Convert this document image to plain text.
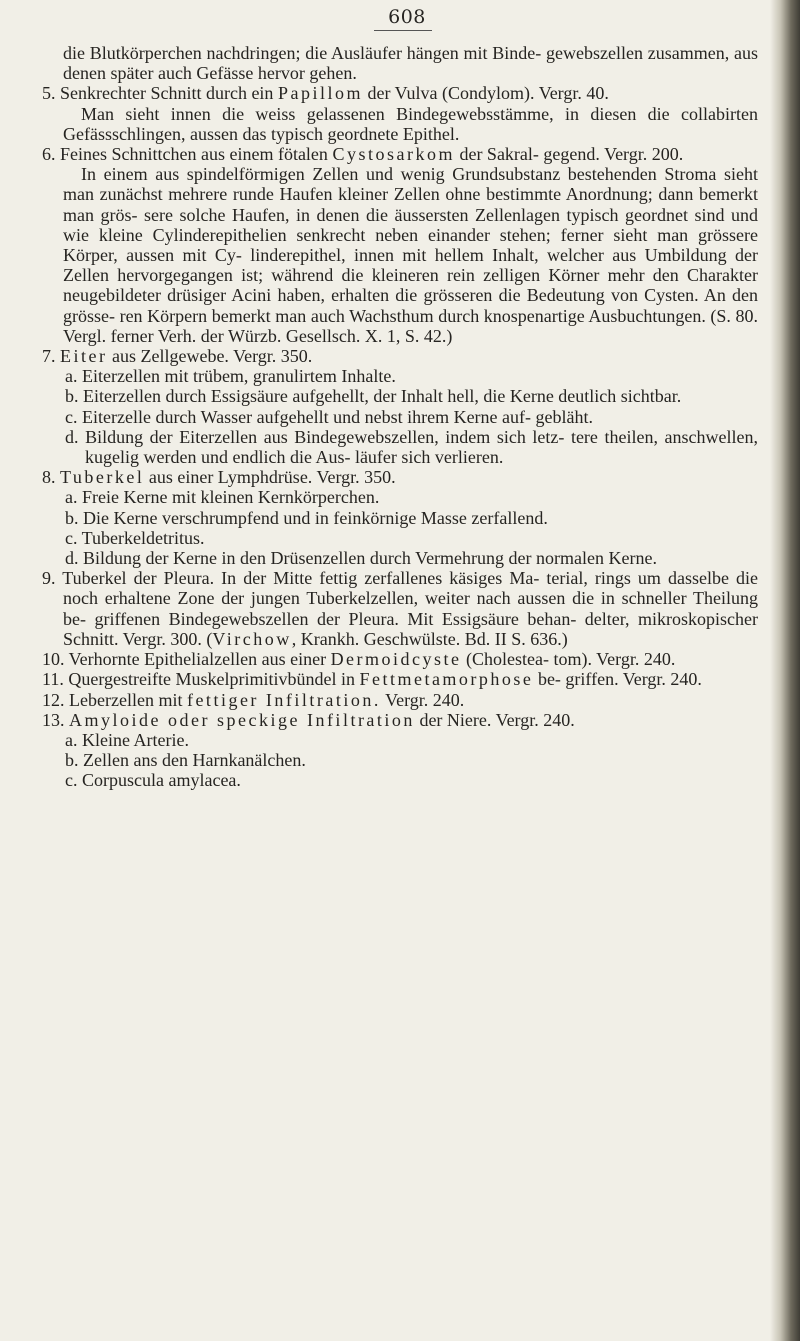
608

die Blutkörperchen nachdringen; die Ausläufer hängen mit Binde- gewebszellen zusammen, aus denen später auch Gefässe hervor gehen.

5. Senkrechter Schnitt durch ein Papillom der Vulva (Condylom). Vergr. 40.

Man sieht innen die weiss gelassenen Bindegewebsstämme, in diesen die collabirten Gefässschlingen, aussen das typisch geordnete Epithel.

6. Feines Schnittchen aus einem fötalen Cystosarkom der Sakral- gegend. Vergr. 200.

In einem aus spindelförmigen Zellen und wenig Grundsubstanz bestehenden Stroma sieht man zunächst mehrere runde Haufen kleiner Zellen ohne bestimmte Anordnung; dann bemerkt man grös- sere solche Haufen, in denen die äussersten Zellenlagen typisch geordnet sind und wie kleine Cylinderepithelien senkrecht neben einander stehen; ferner sieht man grössere Körper, aussen mit Cy- linderepithel, innen mit hellem Inhalt, welcher aus Umbildung der Zellen hervorgegangen ist; während die kleineren rein zelligen Körner mehr den Charakter neugebildeter drüsiger Acini haben, erhalten die grösseren die Bedeutung von Cysten. An den grösse- ren Körpern bemerkt man auch Wachsthum durch knospenartige Ausbuchtungen. (S. 80. Vergl. ferner Verh. der Würzb. Gesellsch. X. 1, S. 42.)

7. Eiter aus Zellgewebe. Vergr. 350.

a. Eiterzellen mit trübem, granulirtem Inhalte.

b. Eiterzellen durch Essigsäure aufgehellt, der Inhalt hell, die Kerne deutlich sichtbar.

c. Eiterzelle durch Wasser aufgehellt und nebst ihrem Kerne auf- gebläht.

d. Bildung der Eiterzellen aus Bindegewebszellen, indem sich letz- tere theilen, anschwellen, kugelig werden und endlich die Aus- läufer sich verlieren.

8. Tuberkel aus einer Lymphdrüse. Vergr. 350.

a. Freie Kerne mit kleinen Kernkörperchen.

b. Die Kerne verschrumpfend und in feinkörnige Masse zerfallend.

c. Tuberkeldetritus.

d. Bildung der Kerne in den Drüsenzellen durch Vermehrung der normalen Kerne.

9. Tuberkel der Pleura. In der Mitte fettig zerfallenes käsiges Ma- terial, rings um dasselbe die noch erhaltene Zone der jungen Tuberkelzellen, weiter nach aussen die in schneller Theilung be- griffenen Bindegewebszellen der Pleura. Mit Essigsäure behan- delter, mikroskopischer Schnitt. Vergr. 300. (Virchow, Krankh. Geschwülste. Bd. II S. 636.)

10. Verhornte Epithelialzellen aus einer Dermoidcyste (Cholestea- tom). Vergr. 240.

11. Quergestreifte Muskelprimitivbündel in Fettmetamorphose be- griffen. Vergr. 240.

12. Leberzellen mit fettiger Infiltration. Vergr. 240.

13. Amyloide oder speckige Infiltration der Niere. Vergr. 240.

a. Kleine Arterie.

b. Zellen ans den Harnkanälchen.

c. Corpuscula amylacea.
